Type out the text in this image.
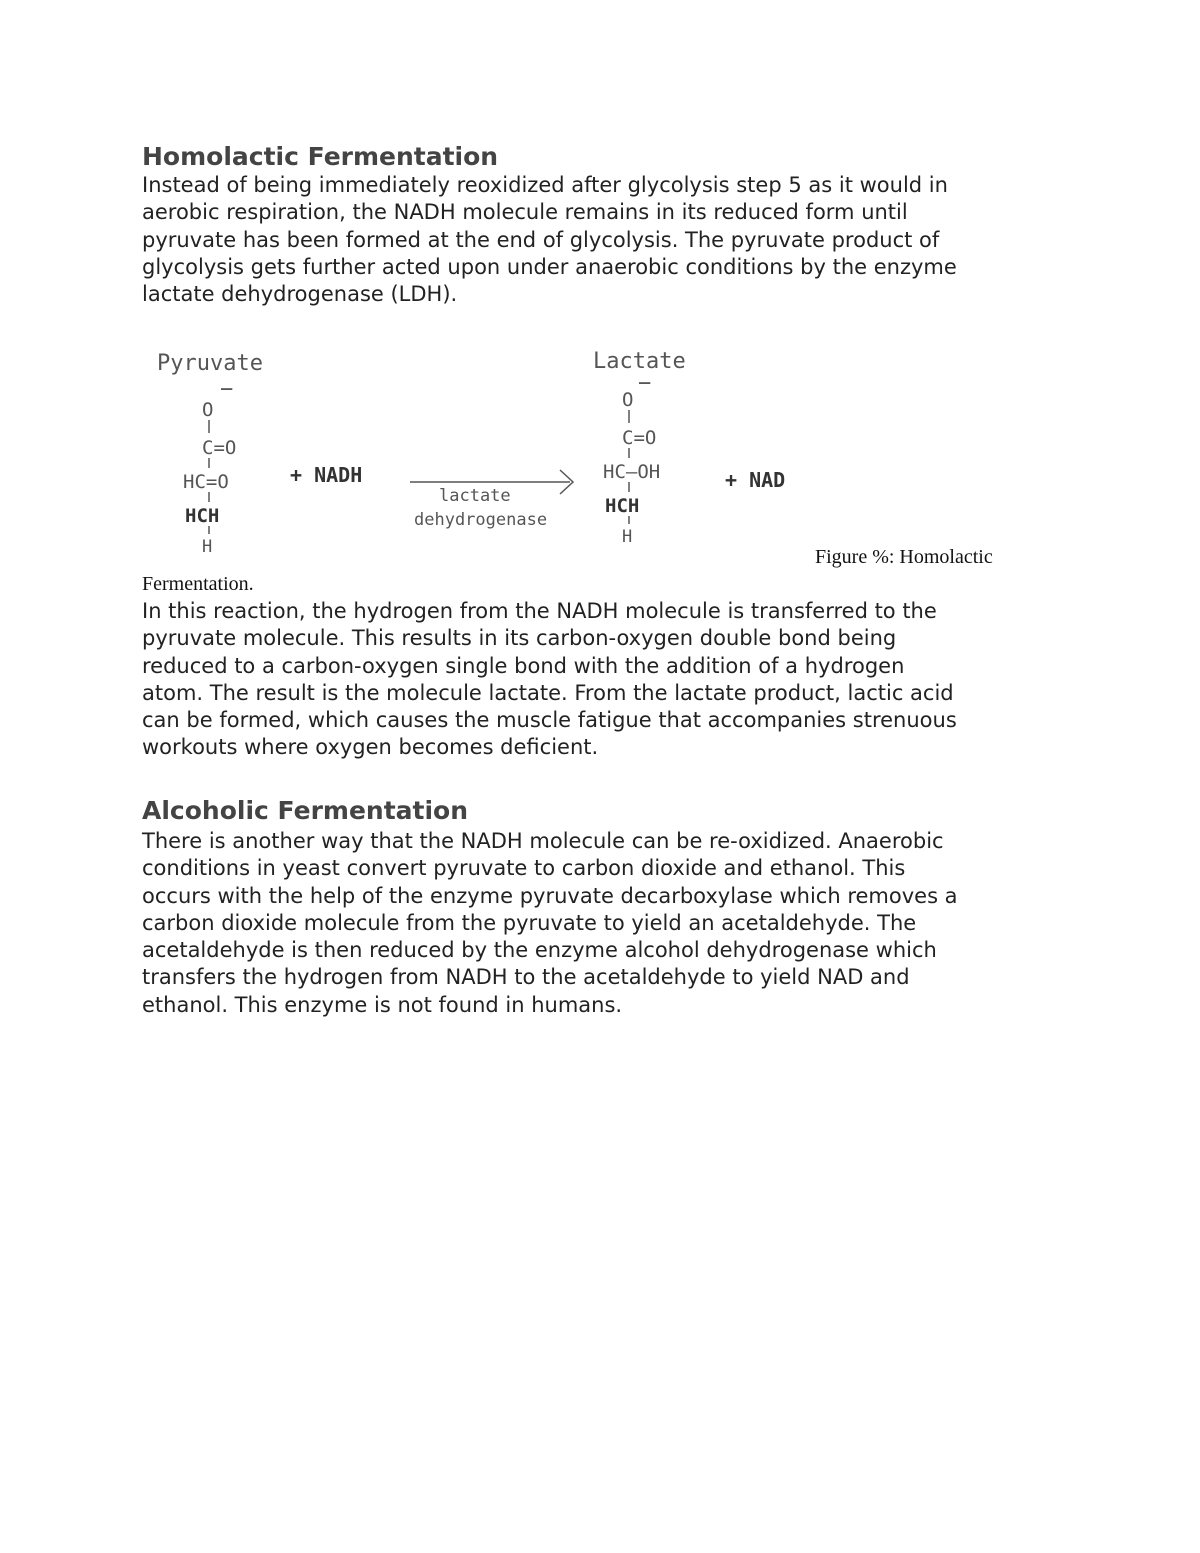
Homolactic Fermentation

Instead of being immediately reoxidized after glycolysis step 5 as it would in
aerobic respiration, the NADH molecule remains in its reduced form until
pyruvate has been formed at the end of glycolysis. The pyruvate product of
glycolysis gets further acted upon under anaerobic conditions by the enzyme
lactate dehydrogenase (LDH).

Pyruvate
O
−
C=O
HC=O
HCH
H
+ NADH
lactate
dehydrogenase
Lactate
O
−
C=O
HC—OH
HCH
H
+ NAD

Figure %: Homolactic

Fermentation.

In this reaction, the hydrogen from the NADH molecule is transferred to the
pyruvate molecule. This results in its carbon-oxygen double bond being
reduced to a carbon-oxygen single bond with the addition of a hydrogen
atom. The result is the molecule lactate. From the lactate product, lactic acid
can be formed, which causes the muscle fatigue that accompanies strenuous
workouts where oxygen becomes deficient.

Alcoholic Fermentation

There is another way that the NADH molecule can be re-oxidized. Anaerobic
conditions in yeast convert pyruvate to carbon dioxide and ethanol. This
occurs with the help of the enzyme pyruvate decarboxylase which removes a
carbon dioxide molecule from the pyruvate to yield an acetaldehyde. The
acetaldehyde is then reduced by the enzyme alcohol dehydrogenase which
transfers the hydrogen from NADH to the acetaldehyde to yield NAD and
ethanol. This enzyme is not found in humans.
